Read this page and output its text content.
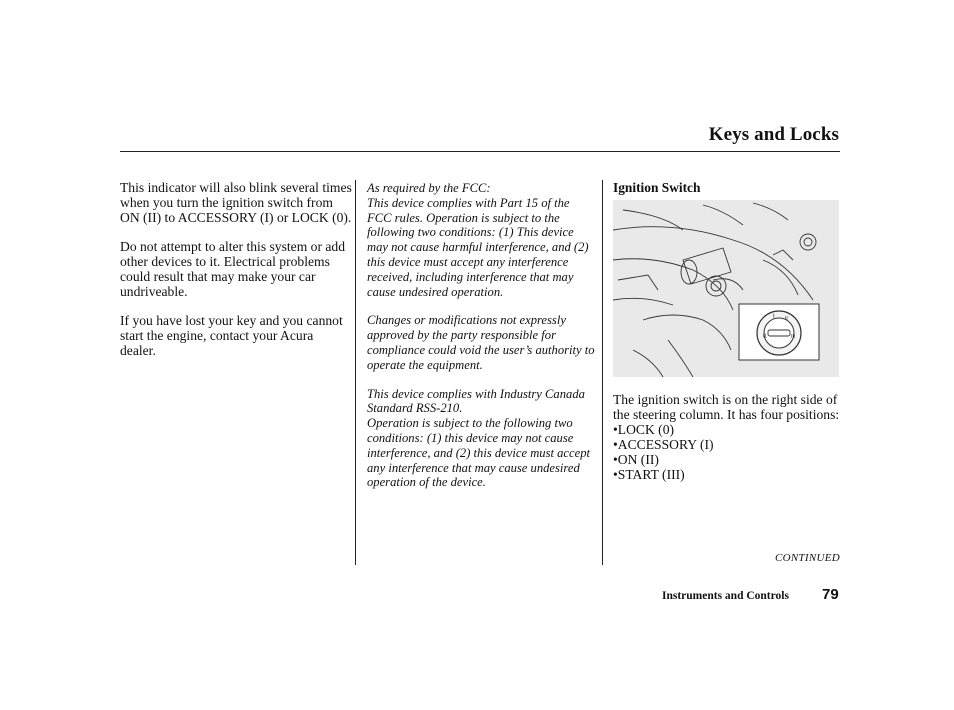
Keys and Locks

This indicator will also blink several times when you turn the ignition switch from ON (II) to ACCESSORY (I) or LOCK (0).

Do not attempt to alter this system or add other devices to it. Electrical problems could result that may make your car undriveable.

If you have lost your key and you cannot start the engine, contact your Acura dealer.

As required by the FCC:

This device complies with Part 15 of the FCC rules. Operation is subject to the following two conditions: (1) This device may not cause harmful interference, and (2) this device must accept any interference received, including interference that may cause undesired operation.

Changes or modifications not expressly approved by the party responsible for compliance could void the user’s authority to operate the equipment.

This device complies with Industry Canada Standard RSS-210.

Operation is subject to the following two conditions: (1) this device may not cause interference, and (2) this device must accept any interference that may cause undesired operation of the device.

Ignition Switch
0
I II
III
The ignition switch is on the right side of the steering column. It has four positions:
•LOCK (0)
•ACCESSORY (I)
•ON (II)
•START (III)
CONTINUED
Instruments and Controls 79
